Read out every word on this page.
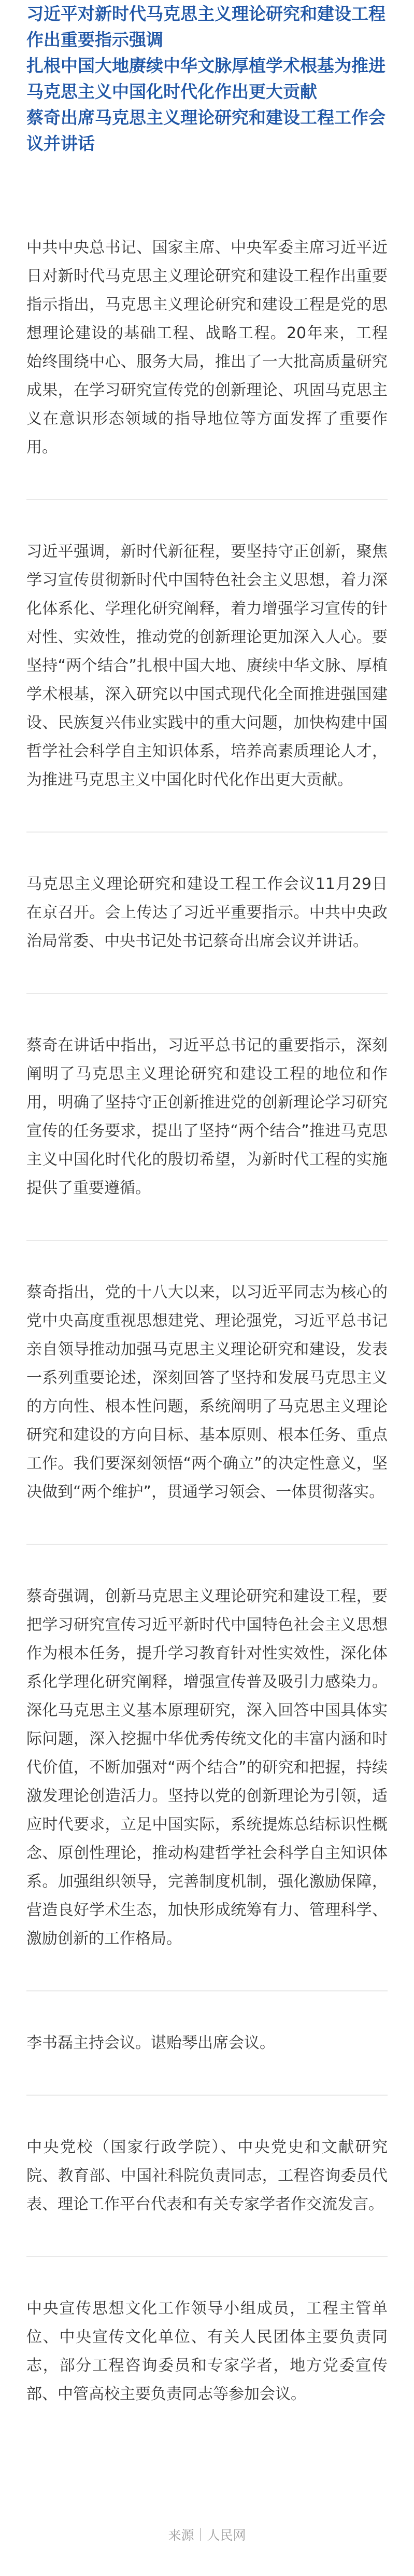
习近平对新时代马克思主义理论研究和建设工程作出重要指示强调

扎根中国大地赓续中华文脉厚植学术根基为推进马克思主义中国化时代化作出更大贡献

蔡奇出席马克思主义理论研究和建设工程工作会议并讲话

中共中央总书记、国家主席、中央军委主席习近平近日对新时代马克思主义理论研究和建设工程作出重要指示指出，马克思主义理论研究和建设工程是党的思想理论建设的基础工程、战略工程。20年来，工程始终围绕中心、服务大局，推出了一大批高质量研究成果，在学习研究宣传党的创新理论、巩固马克思主义在意识形态领域的指导地位等方面发挥了重要作用。

习近平强调，新时代新征程，要坚持守正创新，聚焦学习宣传贯彻新时代中国特色社会主义思想，着力深化体系化、学理化研究阐释，着力增强学习宣传的针对性、实效性，推动党的创新理论更加深入人心。要坚持“两个结合”扎根中国大地、赓续中华文脉、厚植学术根基，深入研究以中国式现代化全面推进强国建设、民族复兴伟业实践中的重大问题，加快构建中国哲学社会科学自主知识体系，培养高素质理论人才，为推进马克思主义中国化时代化作出更大贡献。

马克思主义理论研究和建设工程工作会议11月29日在京召开。会上传达了习近平重要指示。中共中央政治局常委、中央书记处书记蔡奇出席会议并讲话。

蔡奇在讲话中指出，习近平总书记的重要指示，深刻阐明了马克思主义理论研究和建设工程的地位和作用，明确了坚持守正创新推进党的创新理论学习研究宣传的任务要求，提出了坚持“两个结合”推进马克思主义中国化时代化的殷切希望，为新时代工程的实施提供了重要遵循。

蔡奇指出，党的十八大以来，以习近平同志为核心的党中央高度重视思想建党、理论强党，习近平总书记亲自领导推动加强马克思主义理论研究和建设，发表一系列重要论述，深刻回答了坚持和发展马克思主义的方向性、根本性问题，系统阐明了马克思主义理论研究和建设的方向目标、基本原则、根本任务、重点工作。我们要深刻领悟“两个确立”的决定性意义，坚决做到“两个维护”，贯通学习领会、一体贯彻落实。

蔡奇强调，创新马克思主义理论研究和建设工程，要把学习研究宣传习近平新时代中国特色社会主义思想作为根本任务，提升学习教育针对性实效性，深化体系化学理化研究阐释，增强宣传普及吸引力感染力。深化马克思主义基本原理研究，深入回答中国具体实际问题，深入挖掘中华优秀传统文化的丰富内涵和时代价值，不断加强对“两个结合”的研究和把握，持续激发理论创造活力。坚持以党的创新理论为引领，适应时代要求，立足中国实际，系统提炼总结标识性概念、原创性理论，推动构建哲学社会科学自主知识体系。加强组织领导，完善制度机制，强化激励保障，营造良好学术生态，加快形成统筹有力、管理科学、激励创新的工作格局。

李书磊主持会议。谌贻琴出席会议。

中央党校（国家行政学院）、中央党史和文献研究院、教育部、中国社科院负责同志，工程咨询委员代表、理论工作平台代表和有关专家学者作交流发言。

中央宣传思想文化工作领导小组成员，工程主管单位、中央宣传文化单位、有关人民团体主要负责同志，部分工程咨询委员和专家学者，地方党委宣传部、中管高校主要负责同志等参加会议。

来源｜人民网
